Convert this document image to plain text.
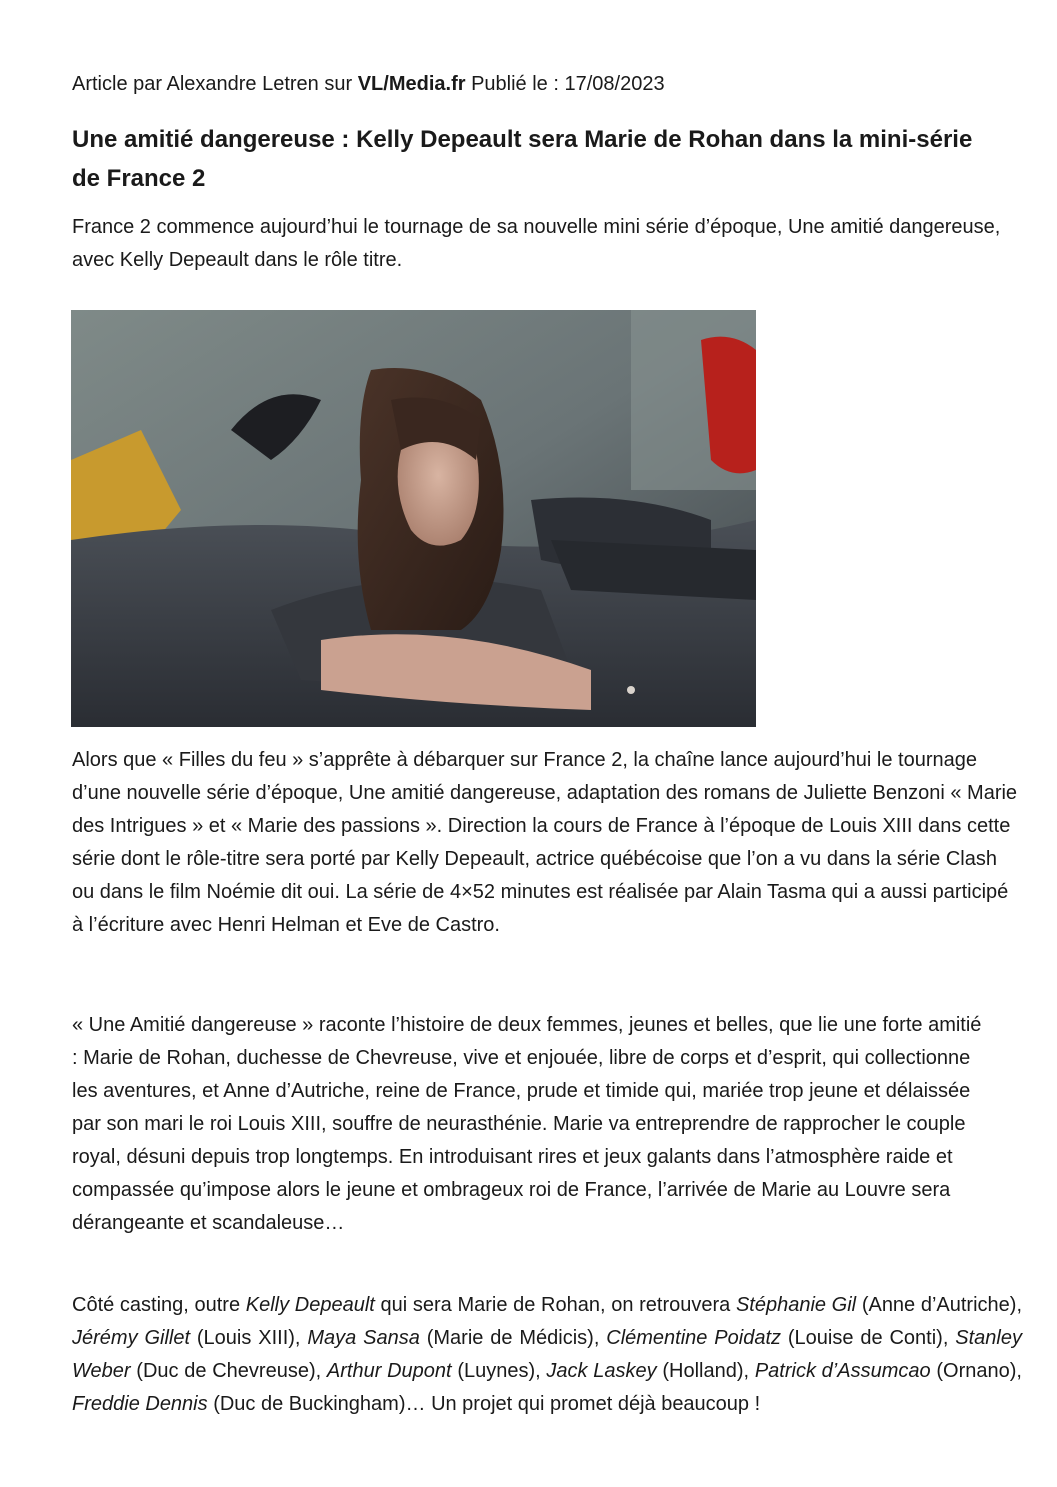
Article par Alexandre Letren sur VL/Media.fr Publié le : 17/08/2023
Une amitié dangereuse : Kelly Depeault sera Marie de Rohan dans la mini-série de France 2

France 2 commence aujourd’hui le tournage de sa nouvelle mini série d’époque, Une amitié dangereuse, avec Kelly Depeault dans le rôle titre.

Alors que « Filles du feu » s’apprête à débarquer sur France 2, la chaîne lance aujourd’hui le tournage d’une nouvelle série d’époque, Une amitié dangereuse, adaptation des romans de Juliette Benzoni « Marie des Intrigues » et « Marie des passions ». Direction la cours de France à l’époque de Louis XIII dans cette série dont le rôle-titre sera porté par Kelly Depeault, actrice québécoise que l’on a vu dans la série Clash ou dans le film Noémie dit oui. La série de 4×52 minutes est réalisée par Alain Tasma qui a aussi participé à l’écriture avec Henri Helman et Eve de Castro.

« Une Amitié dangereuse » raconte l’histoire de deux femmes, jeunes et belles, que lie une forte amitié : Marie de Rohan, duchesse de Chevreuse, vive et enjouée, libre de corps et d’esprit, qui collectionne les aventures, et Anne d’Autriche, reine de France, prude et timide qui, mariée trop jeune et délaissée par son mari le roi Louis XIII, souffre de neurasthénie. Marie va entreprendre de rapprocher le couple royal, désuni depuis trop longtemps. En introduisant rires et jeux galants dans l’atmosphère raide et compassée qu’impose alors le jeune et ombrageux roi de France, l’arrivée de Marie au Louvre sera dérangeante et scandaleuse…

Côté casting, outre Kelly Depeault qui sera Marie de Rohan, on retrouvera Stéphanie Gil (Anne d’Autriche), Jérémy Gillet (Louis XIII), Maya Sansa (Marie de Médicis), Clémentine Poidatz (Louise de Conti), Stanley Weber (Duc de Chevreuse), Arthur Dupont (Luynes), Jack Laskey (Holland), Patrick d’Assumcao (Ornano), Freddie Dennis (Duc de Buckingham)… Un projet qui promet déjà beaucoup !
